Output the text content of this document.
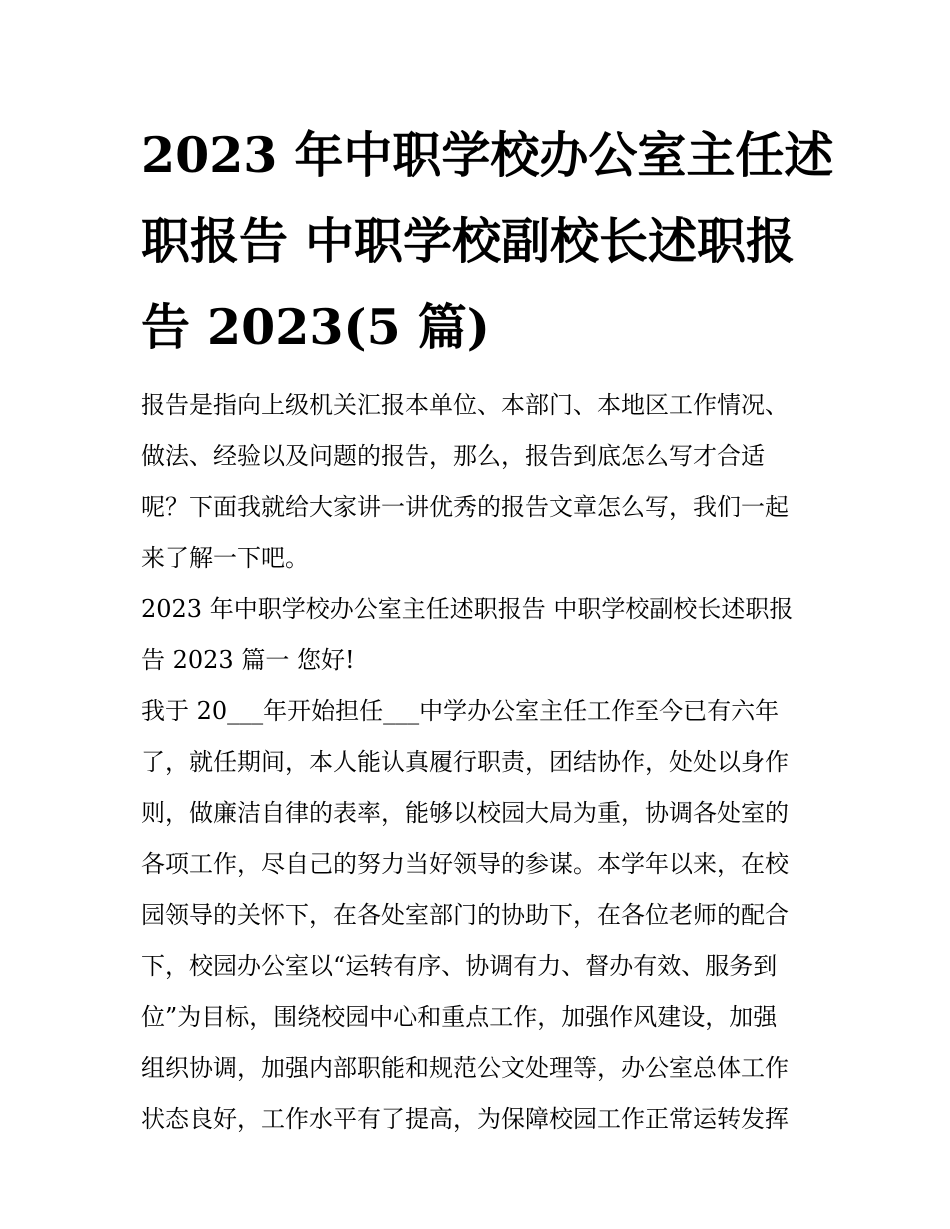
2023 年中职学校办公室主任述
职报告 中职学校副校长述职报
告 2023(5 篇)

报告是指向上级机关汇报本单位、本部门、本地区工作情况、
做法、经验以及问题的报告，那么，报告到底怎么写才合适
呢？下面我就给大家讲一讲优秀的报告文章怎么写，我们一起
来了解一下吧。

2023 年中职学校办公室主任述职报告 中职学校副校长述职报
告 2023 篇一 您好!

我于 20___年开始担任___中学办公室主任工作至今已有六年
了，就任期间，本人能认真履行职责，团结协作，处处以身作
则，做廉洁自律的表率，能够以校园大局为重，协调各处室的
各项工作，尽自己的努力当好领导的参谋。本学年以来，在校
园领导的关怀下，在各处室部门的协助下，在各位老师的配合
下，校园办公室以“运转有序、协调有力、督办有效、服务到
位”为目标，围绕校园中心和重点工作，加强作风建设，加强
组织协调，加强内部职能和规范公文处理等，办公室总体工作
状态良好，工作水平有了提高，为保障校园工作正常运转发挥
